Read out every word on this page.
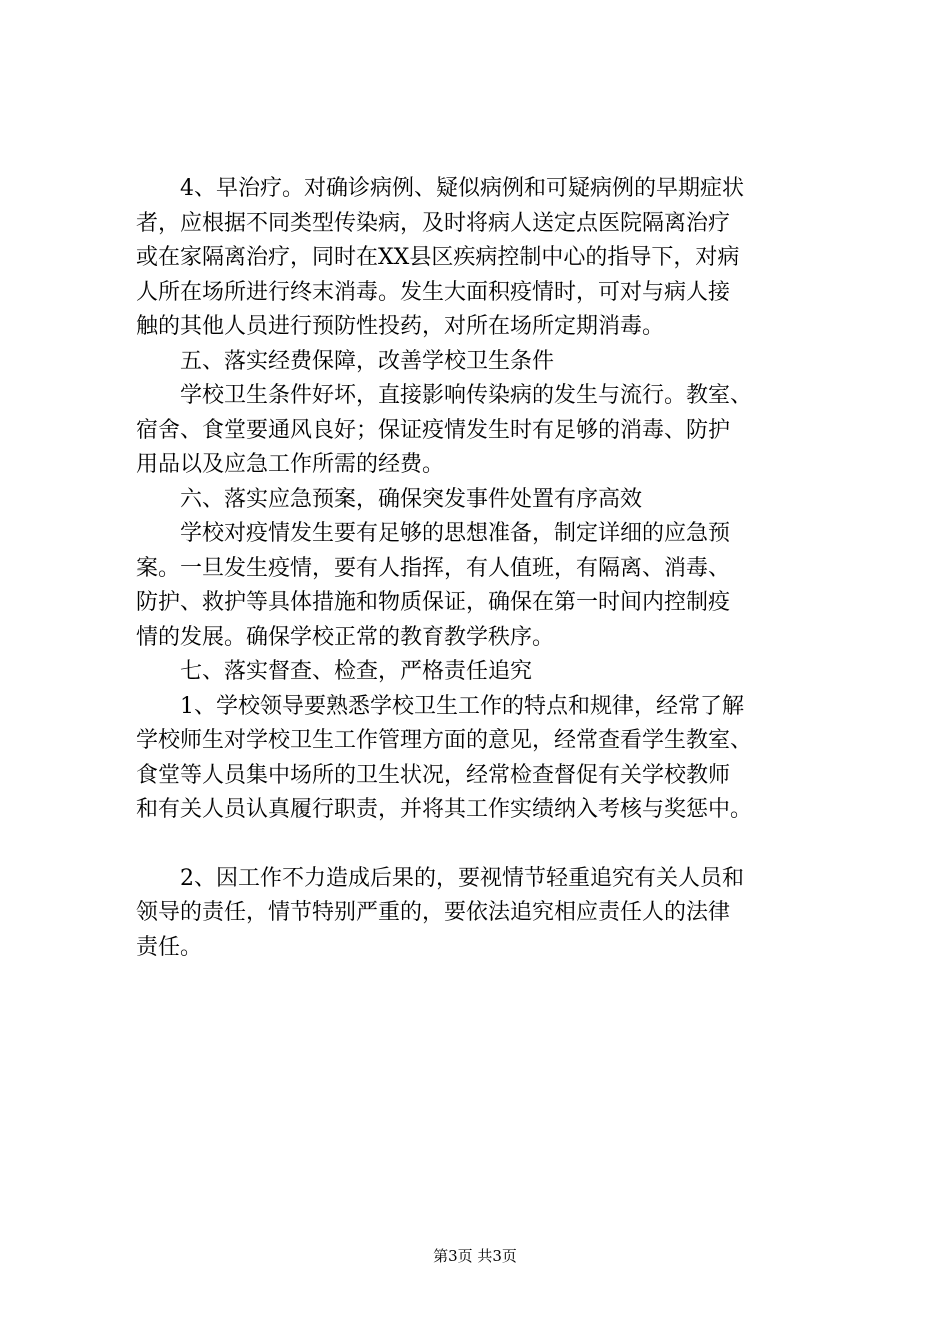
4、早治疗。对确诊病例、疑似病例和可疑病例的早期症状
者，应根据不同类型传染病，及时将病人送定点医院隔离治疗
或在家隔离治疗，同时在XX县区疾病控制中心的指导下，对病
人所在场所进行终末消毒。发生大面积疫情时，可对与病人接
触的其他人员进行预防性投药，对所在场所定期消毒。
五、落实经费保障，改善学校卫生条件
学校卫生条件好坏，直接影响传染病的发生与流行。教室、
宿舍、食堂要通风良好；保证疫情发生时有足够的消毒、防护
用品以及应急工作所需的经费。
六、落实应急预案，确保突发事件处置有序高效
学校对疫情发生要有足够的思想准备，制定详细的应急预
案。一旦发生疫情，要有人指挥，有人值班，有隔离、消毒、
防护、救护等具体措施和物质保证，确保在第一时间内控制疫
情的发展。确保学校正常的教育教学秩序。
七、落实督查、检查，严格责任追究
1、学校领导要熟悉学校卫生工作的特点和规律，经常了解
学校师生对学校卫生工作管理方面的意见，经常查看学生教室、
食堂等人员集中场所的卫生状况，经常检查督促有关学校教师
和有关人员认真履行职责，并将其工作实绩纳入考核与奖惩中。
2、因工作不力造成后果的，要视情节轻重追究有关人员和
领导的责任，情节特别严重的，要依法追究相应责任人的法律
责任。
第3页 共3页
